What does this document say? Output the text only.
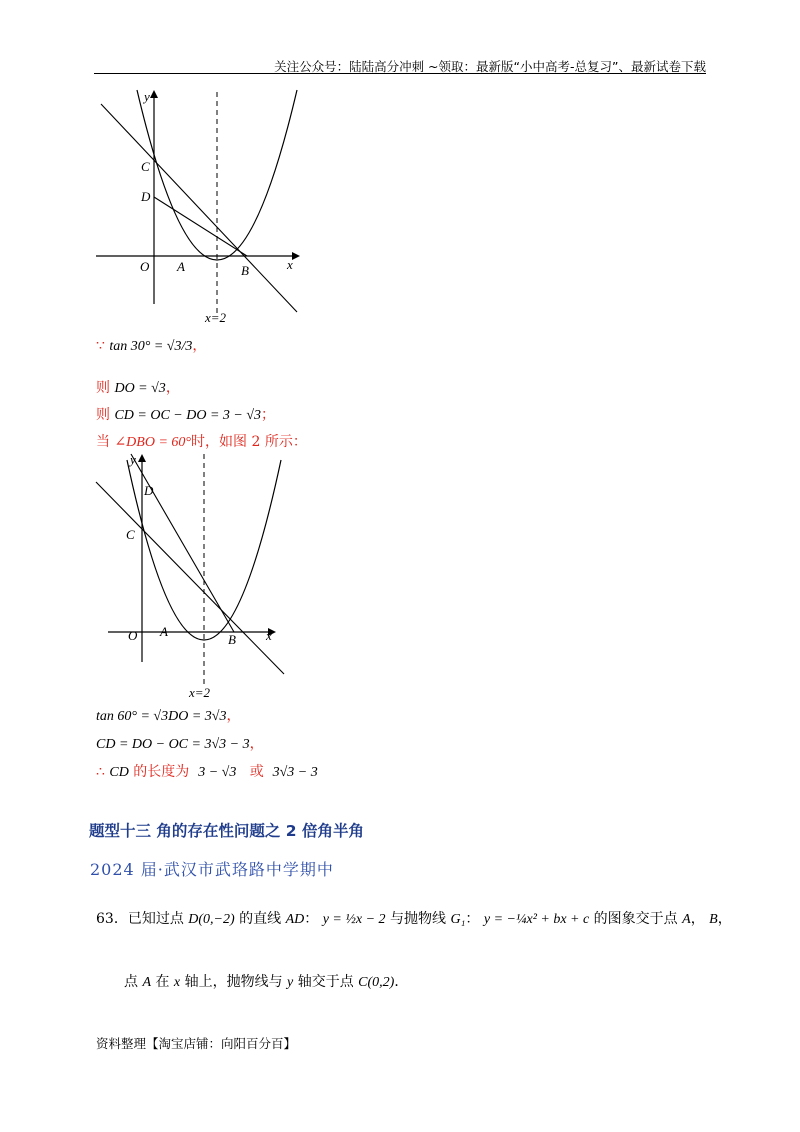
关注公众号：陆陆高分冲刺 ~领取：最新版“小中高考-总复习”、最新试卷下载
y
x
O A	B
C
D
x=2
∵ tan 30° = √3/3，
则 DO = √3，
则 CD = OC − DO = 3 − √3；
当 ∠DBO = 60°时，如图 2 所示：
y
x
O A
B
C
D
x=2
tan 60° = √3DO = 3√3，
CD = DO − OC = 3√3 − 3，
∴ CD 的长度为 3 − √3 或 3√3 − 3
题型十三 角的存在性问题之 2 倍角半角
2024 届·武汉市武珞路中学期中
63．已知过点 D(0,−2) 的直线 AD： y = ½x − 2 与抛物线 G₁： y = −¼x² + bx + c 的图象交于点 A， B，
点 A 在 x 轴上，抛物线与 y 轴交于点 C(0,2)．
资料整理【淘宝店铺：向阳百分百】
